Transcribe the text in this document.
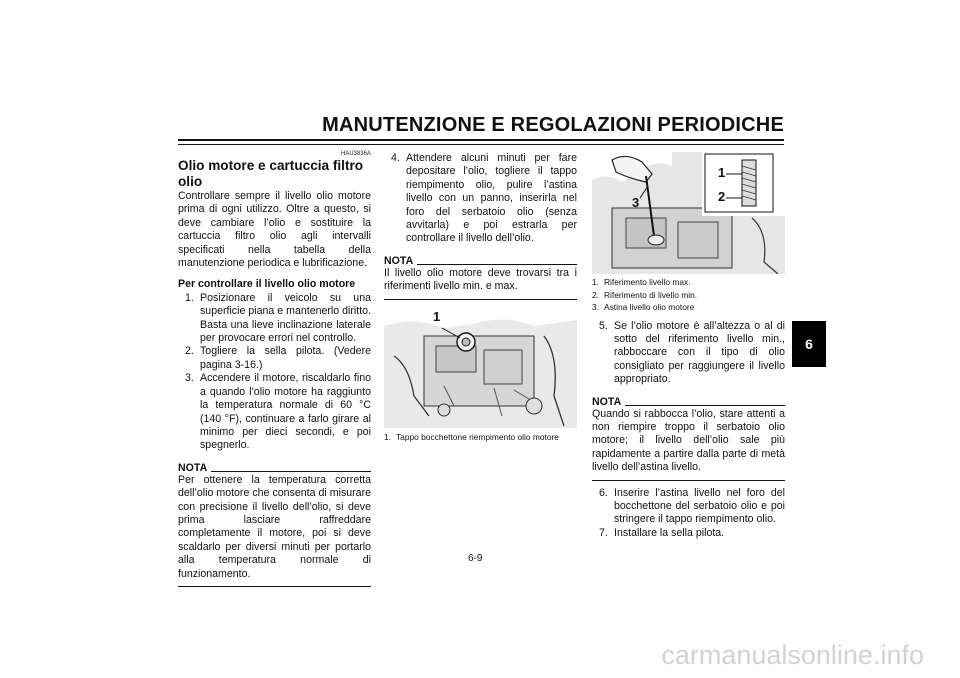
MANUTENZIONE E REGOLAZIONI PERIODICHE
HAU3836A
Olio motore e cartuccia filtro olio
Controllare sempre il livello olio motore prima di ogni utilizzo. Oltre a questo, si deve cambiare l’olio e sostituire la cartuccia filtro olio agli intervalli specificati nella tabella della manutenzione periodica e lubrificazione.
Per controllare il livello olio motore
1. Posizionare il veicolo su una superficie piana e mantenerlo diritto. Basta una lieve inclinazione laterale per provocare errori nel controllo.
2. Togliere la sella pilota. (Vedere pagina 3-16.)
3. Accendere il motore, riscaldarlo fino a quando l’olio motore ha raggiunto la temperatura normale di 60 °C (140 °F), continuare a farlo girare al minimo per dieci secondi, e poi spegnerlo.
NOTA
Per ottenere la temperatura corretta dell’olio motore che consenta di misurare con precisione il livello dell’olio, si deve prima lasciare raffreddare completamente il motore, poi si deve scaldarlo per diversi minuti per portarlo alla temperatura normale di funzionamento.
4. Attendere alcuni minuti per fare depositare l’olio, togliere il tappo riempimento olio, pulire l’astina livello con un panno, inserirla nel foro del serbatoio olio (senza avvitarla) e poi estrarla per controllare il livello dell’olio.
NOTA
Il livello olio motore deve trovarsi tra i riferimenti livello min. e max.
1
1. Tappo bocchettone riempimento olio motore
1
2
3
1. Riferimento livello max.
2. Riferimento di livello min.
3. Astina livello olio motore
5. Se l’olio motore è all’altezza o al di sotto del riferimento livello min., rabboccare con il tipo di olio consigliato per raggiungere il livello appropriato.
NOTA
Quando si rabbocca l’olio, stare attenti a non riempire troppo il serbatoio olio motore; il livello dell’olio sale più rapidamente a partire dalla parte di metà livello dell’astina livello.
6. Inserire l’astina livello nel foro del bocchettone del serbatoio olio e poi stringere il tappo riempimento olio.
7. Installare la sella pilota.
6
6-9
carmanualsonline.info
